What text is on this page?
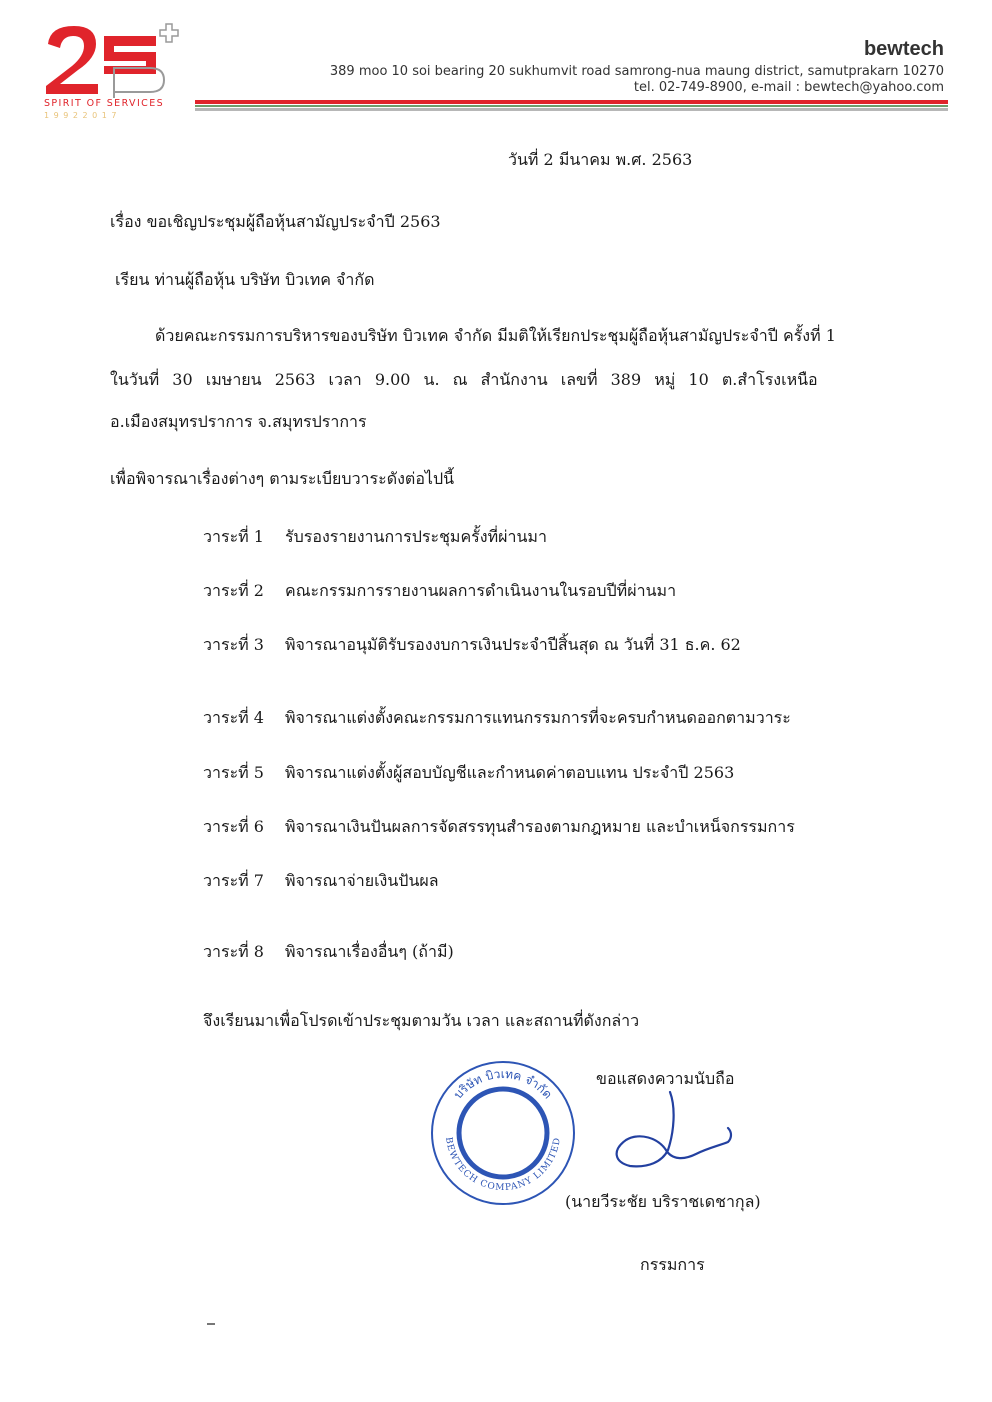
SPIRIT OF SERVICES
1 9 9 2 2 0 1 7
bewtech
389 moo 10 soi bearing 20 sukhumvit road samrong-nua maung district, samutprakarn 10270
tel. 02-749-8900, e-mail : bewtech@yahoo.com
วันที่ 2 มีนาคม พ.ศ. 2563
เรื่อง ขอเชิญประชุมผู้ถือหุ้นสามัญประจำปี 2563
เรียน ท่านผู้ถือหุ้น บริษัท บิวเทค จำกัด
ด้วยคณะกรรมการบริหารของบริษัท บิวเทค จำกัด มีมติให้เรียกประชุมผู้ถือหุ้นสามัญประจำปี ครั้งที่ 1
ในวันที่ 30 เมษายน 2563 เวลา 9.00 น. ณ สำนักงาน เลขที่ 389 หมู่ 10 ต.สำโรงเหนือ
อ.เมืองสมุทรปราการ จ.สมุทรปราการ
เพื่อพิจารณาเรื่องต่างๆ ตามระเบียบวาระดังต่อไปนี้
วาระที่ 1 รับรองรายงานการประชุมครั้งที่ผ่านมา
วาระที่ 2 คณะกรรมการรายงานผลการดำเนินงานในรอบปีที่ผ่านมา
วาระที่ 3 พิจารณาอนุมัติรับรองงบการเงินประจำปีสิ้นสุด ณ วันที่ 31 ธ.ค. 62
วาระที่ 4 พิจารณาแต่งตั้งคณะกรรมการแทนกรรมการที่จะครบกำหนดออกตามวาระ
วาระที่ 5 พิจารณาแต่งตั้งผู้สอบบัญชีและกำหนดค่าตอบแทน ประจำปี 2563
วาระที่ 6 พิจารณาเงินปันผลการจัดสรรทุนสำรองตามกฎหมาย และบำเหน็จกรรมการ
วาระที่ 7 พิจารณาจ่ายเงินปันผล
วาระที่ 8 พิจารณาเรื่องอื่นๆ (ถ้ามี)
จึงเรียนมาเพื่อโปรดเข้าประชุมตามวัน เวลา และสถานที่ดังกล่าว
บริษัท บิวเทค จำกัด
BEWTECH COMPANY LIMITED
ขอแสดงความนับถือ
(นายวีระชัย บริราชเดชากุล)
กรรมการ
